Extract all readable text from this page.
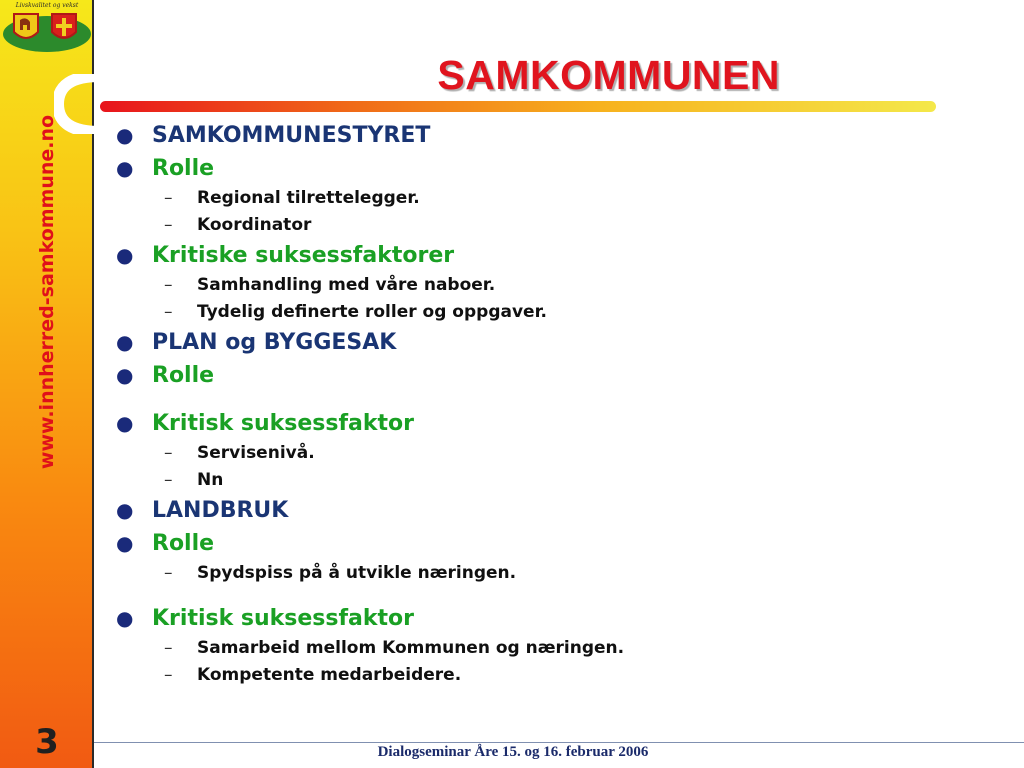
Livskvalitet og vekst
www.innherred-samkommune.no
3
SAMKOMMUNEN
● SAMKOMMUNESTYRET
● Rolle
– Regional tilrettelegger.
– Koordinator
● Kritiske suksessfaktorer
– Samhandling med våre naboer.
– Tydelig definerte roller og oppgaver.
● PLAN og BYGGESAK
● Rolle
● Kritisk suksessfaktor
– Servisenivå.
– Nn
● LANDBRUK
● Rolle
– Spydspiss på å utvikle næringen.
● Kritisk suksessfaktor
– Samarbeid mellom Kommunen og næringen.
– Kompetente medarbeidere.
Dialogseminar Åre 15. og 16. februar 2006
